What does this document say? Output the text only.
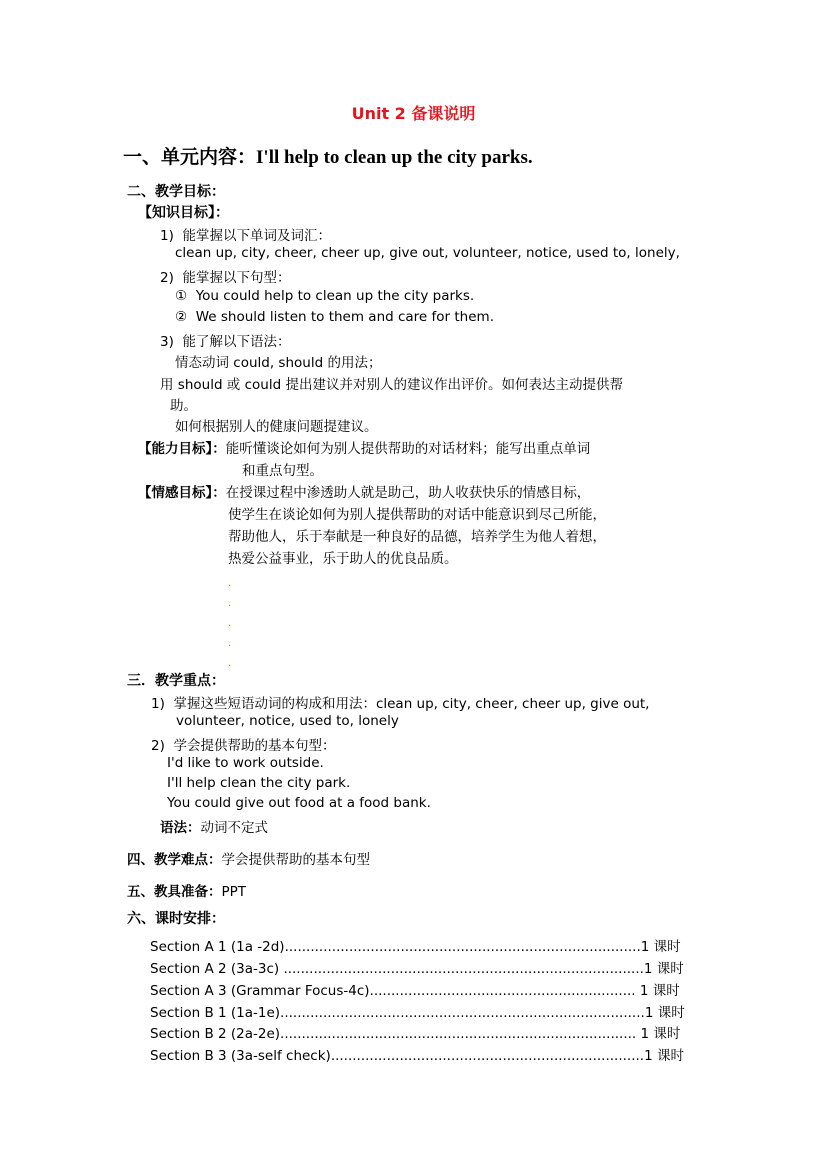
Unit 2 备课说明
一、单元内容：I'll help to clean up the city parks.
二、教学目标：
【知识目标】：
1) 能掌握以下单词及词汇：
clean up, city, cheer, cheer up, give out, volunteer, notice, used to, lonely,
2) 能掌握以下句型：
① You could help to clean up the city parks.
② We should listen to them and care for them.
3) 能了解以下语法：
情态动词 could, should 的用法；
用 should 或 could 提出建议并对别人的建议作出评价。如何表达主动提供帮
助。
如何根据别人的健康问题提建议。
【能力目标】：能听懂谈论如何为别人提供帮助的对话材料；能写出重点单词
和重点句型。
【情感目标】：在授课过程中渗透助人就是助己，助人收获快乐的情感目标，
使学生在谈论如何为别人提供帮助的对话中能意识到尽己所能，
帮助他人，乐于奉献是一种良好的品德，培养学生为他人着想，
热爱公益事业，乐于助人的优良品质。
.
.
.
.
.
三．教学重点：
1) 掌握这些短语动词的构成和用法：clean up, city, cheer, cheer up, give out,
volunteer, notice, used to, lonely
2) 学会提供帮助的基本句型：
I'd like to work outside.
I'll help clean the city park.
You could give out food at a food bank.
语法：动词不定式
四、教学难点：学会提供帮助的基本句型
五、教具准备：PPT
六、课时安排：
Section A 1 (1a -2d)...................................................................................1 课时
Section A 2 (3a-3c) ....................................................................................1 课时
Section A 3 (Grammar Focus-4c).............................................................. 1 课时
Section B 1 (1a-1e).....................................................................................1 课时
Section B 2 (2a-2e)................................................................................... 1 课时
Section B 3 (3a-self check).........................................................................1 课时
